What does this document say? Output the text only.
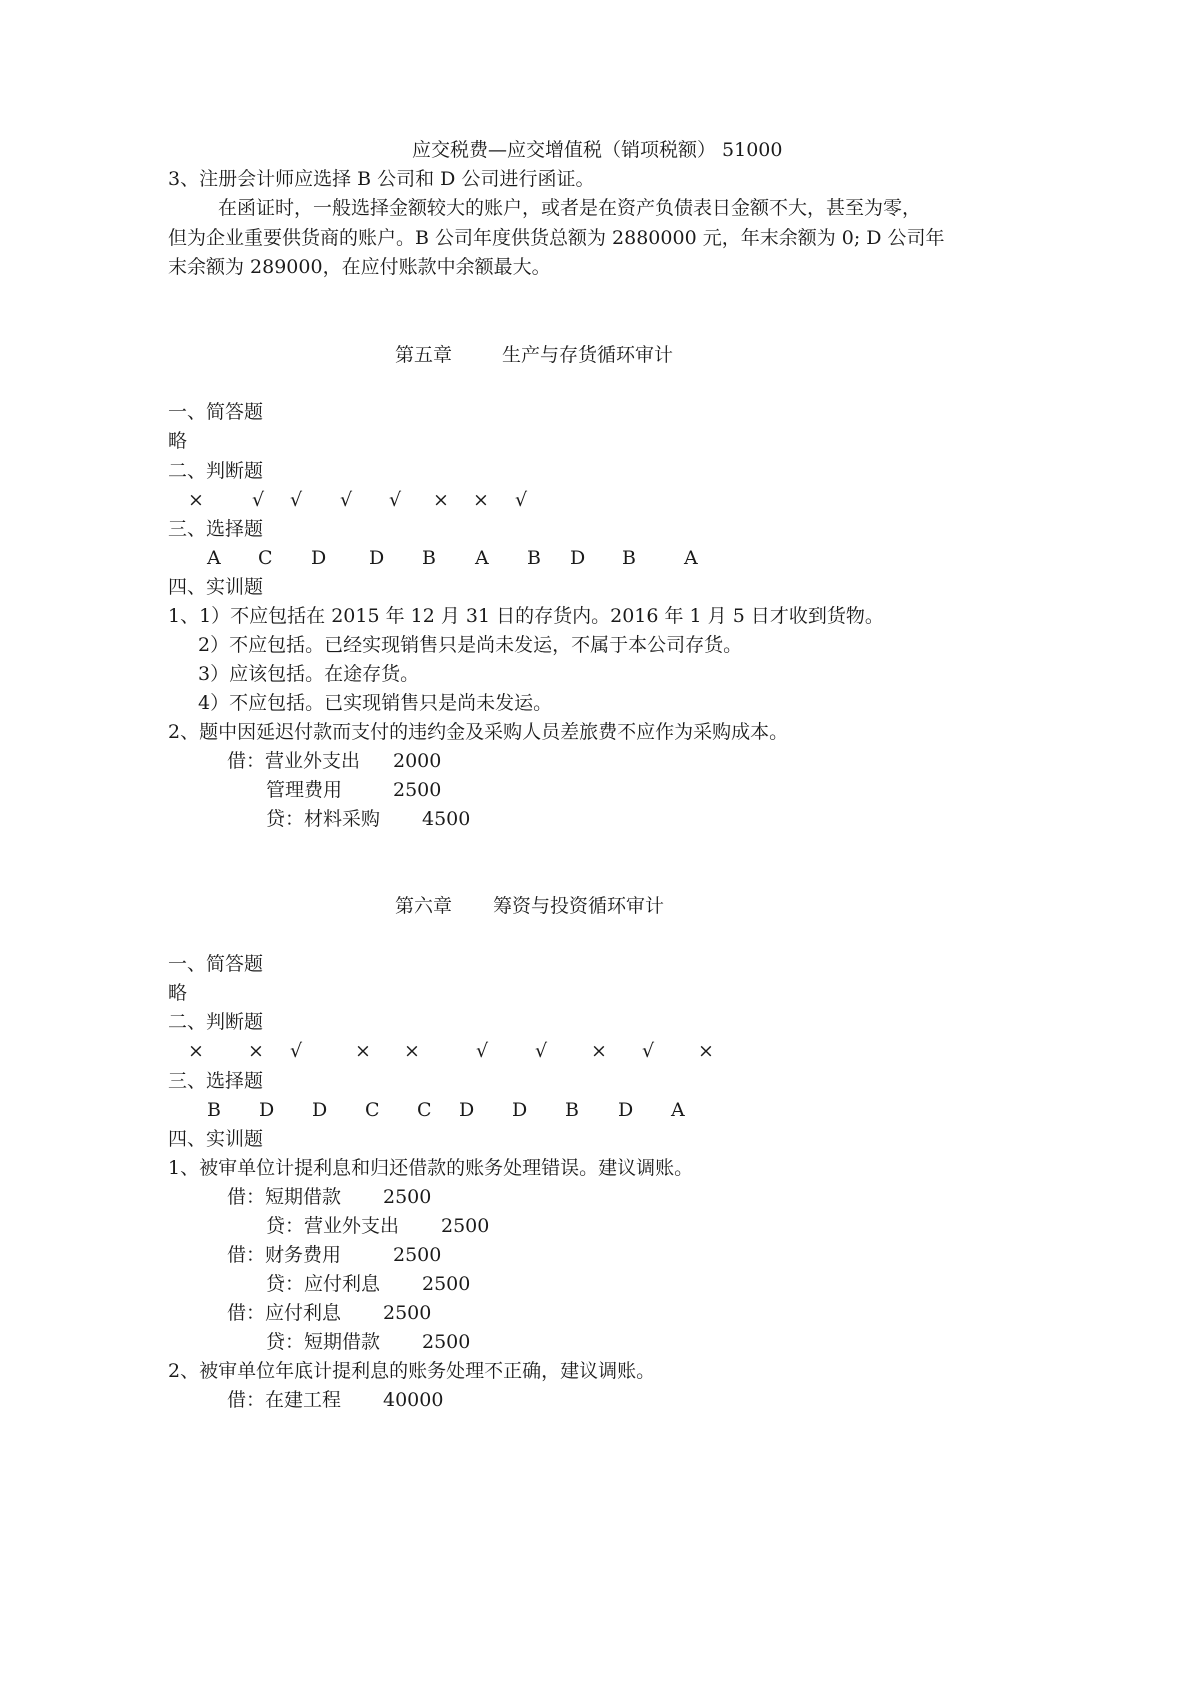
应交税费—应交增值税（销项税额） 51000
3、注册会计师应选择 B 公司和 D 公司进行函证。
在函证时，一般选择金额较大的账户，或者是在资产负债表日金额不大，甚至为零，
但为企业重要供货商的账户。B 公司年度供货总额为 2880000 元，年末余额为 0; D 公司年
末余额为 289000，在应付账款中余额最大。
第五章	生产与存货循环审计
一、简答题
略
二、判断题
×	√ √ √ √ × × √
三、选择题
A C D D B A B D B	A
四、实训题
1、1）不应包括在 2015 年 12 月 31 日的存货内。2016 年 1 月 5 日才收到货物。
2）不应包括。已经实现销售只是尚未发运，不属于本公司存货。
3）应该包括。在途存货。
4）不应包括。已实现销售只是尚未发运。
2、题中因延迟付款而支付的违约金及采购人员差旅费不应作为采购成本。
借：营业外支出 2000
管理费用	2500
贷：材料采购 4500
第六章 筹资与投资循环审计
一、简答题
略
二、判断题
× × √	× ×	√ √ × √ ×
三、选择题
B D D C C D D B D A
四、实训题
1、被审单位计提利息和归还借款的账务处理错误。建议调账。
借：短期借款 2500
贷：营业外支出 2500
借：财务费用	2500
贷：应付利息 2500
借：应付利息 2500
贷：短期借款 2500
2、被审单位年底计提利息的账务处理不正确，建议调账。
借：在建工程 40000
